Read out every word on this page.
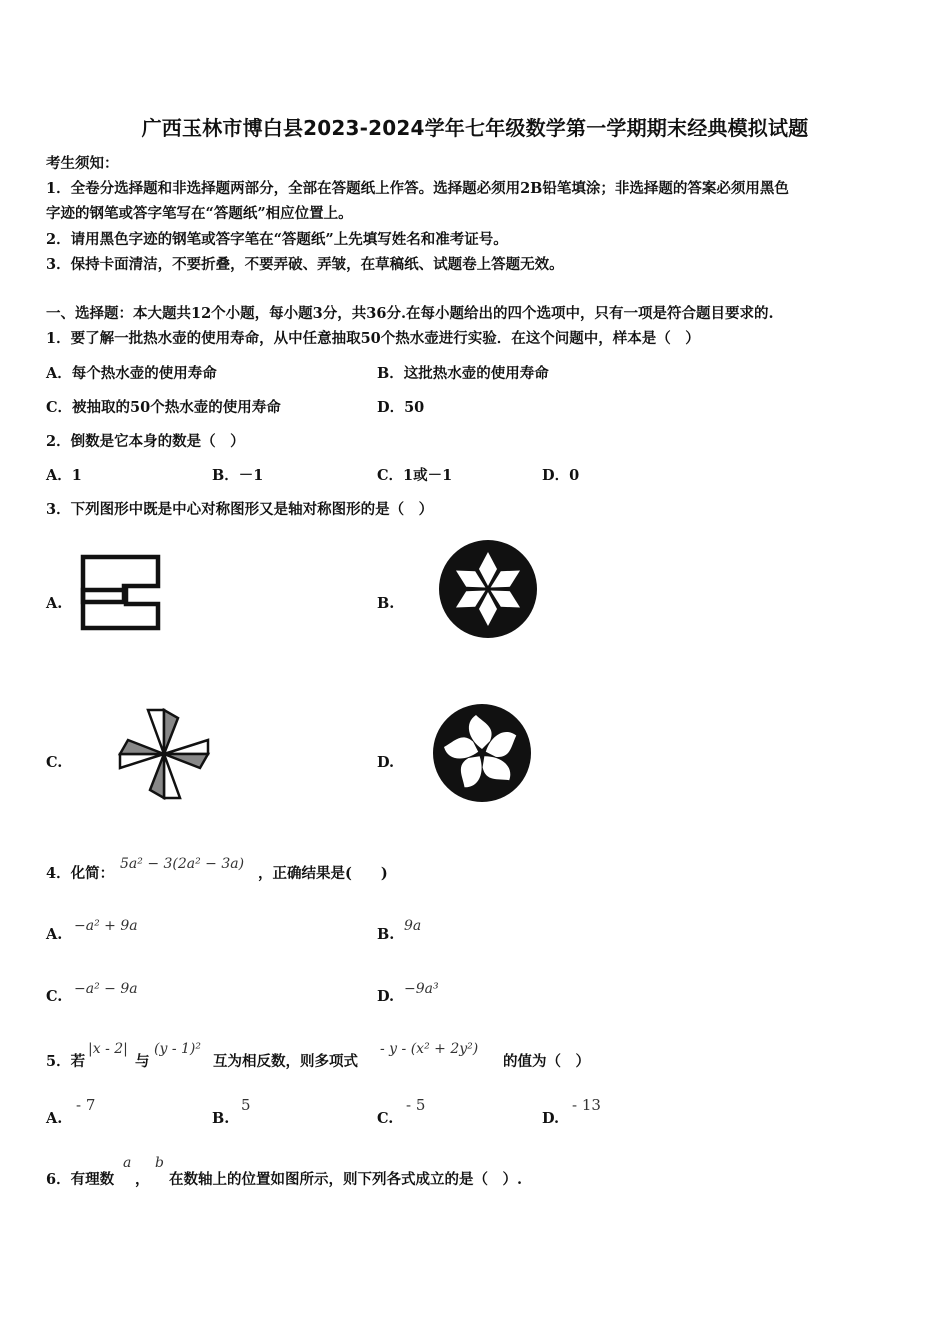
广西玉林市博白县2023-2024学年七年级数学第一学期期末经典模拟试题
考生须知：
1．全卷分选择题和非选择题两部分，全部在答题纸上作答。选择题必须用2B铅笔填涂；非选择题的答案必须用黑色
字迹的钢笔或答字笔写在“答题纸”相应位置上。
2．请用黑色字迹的钢笔或答字笔在“答题纸”上先填写姓名和准考证号。
3．保持卡面清洁，不要折叠，不要弄破、弄皱，在草稿纸、试题卷上答题无效。
一、选择题：本大题共12个小题，每小题3分，共36分.在每小题给出的四个选项中，只有一项是符合题目要求的.
1．要了解一批热水壶的使用寿命，从中任意抽取50个热水壶进行实验．在这个问题中，样本是（　）
A．每个热水壶的使用寿命	B．这批热水壶的使用寿命
C．被抽取的50个热水壶的使用寿命	D．50
2．倒数是它本身的数是（　）
A．1	B．－1	C．1或－1	D．0
3．下列图形中既是中心对称图形又是轴对称图形的是（　）
A.	B.
C.	D.
4．化简：
5a² − 3(2a² − 3a)
，正确结果是(　　)
A. −a² + 9a	B. 9a
C. −a² − 9a	D. −9a³
5．若
|x - 2|
与
(y - 1)²
互为相反数，则多项式
- y - (x² + 2y²)
的值为（　）
A.
- 7
B.
5
C.
- 5
D.
- 13
6．有理数
a
，
b
在数轴上的位置如图所示，则下列各式成立的是（　）.
